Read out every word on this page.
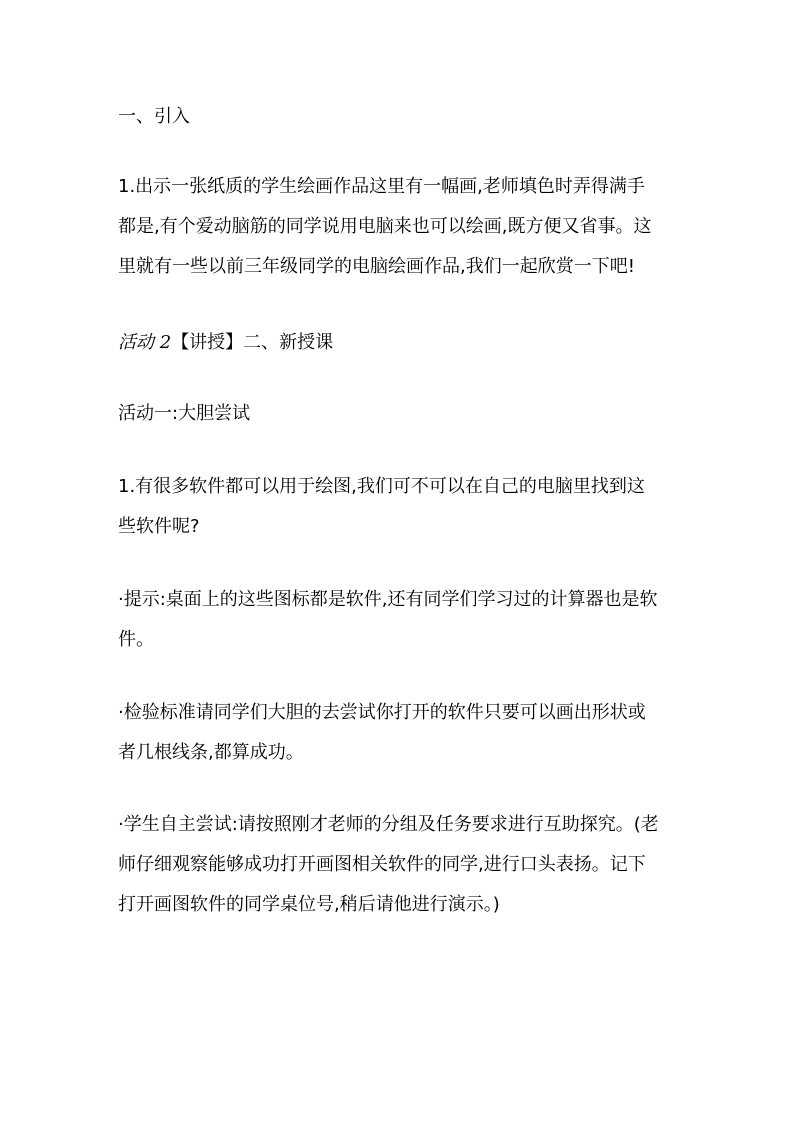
一、引入

1.出示一张纸质的学生绘画作品这里有一幅画,老师填色时弄得满手
都是,有个爱动脑筋的同学说用电脑来也可以绘画,既方便又省事。这
里就有一些以前三年级同学的电脑绘画作品,我们一起欣赏一下吧!

活动 2【讲授】二、新授课

活动一:大胆尝试

1.有很多软件都可以用于绘图,我们可不可以在自己的电脑里找到这
些软件呢?

·提示:桌面上的这些图标都是软件,还有同学们学习过的计算器也是软
件。

·检验标准请同学们大胆的去尝试你打开的软件只要可以画出形状或
者几根线条,都算成功。

·学生自主尝试:请按照刚才老师的分组及任务要求进行互助探究。(老
师仔细观察能够成功打开画图相关软件的同学,进行口头表扬。记下
打开画图软件的同学桌位号,稍后请他进行演示。)
